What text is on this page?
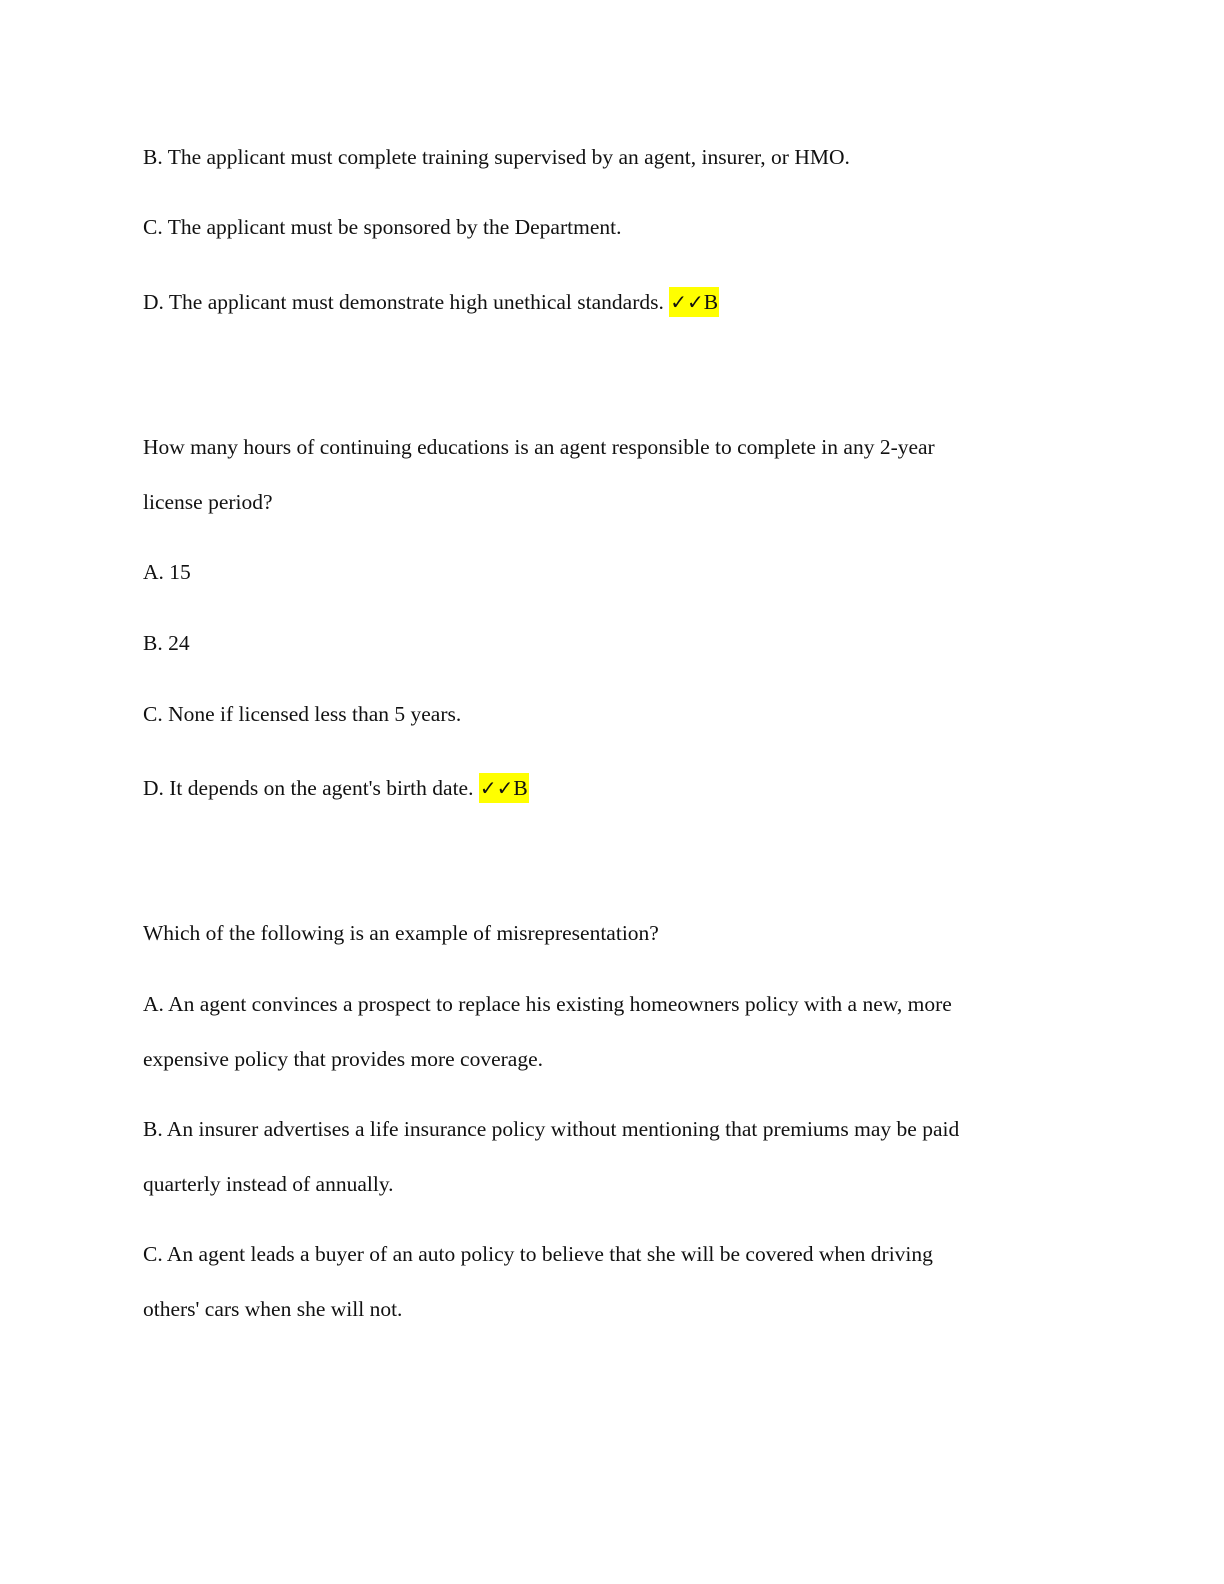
B. The applicant must complete training supervised by an agent, insurer, or HMO.

C. The applicant must be sponsored by the Department.

D. The applicant must demonstrate high unethical standards. ✓✓B

How many hours of continuing educations is an agent responsible to complete in any 2-year

license period?

A. 15

B. 24

C. None if licensed less than 5 years.

D. It depends on the agent's birth date. ✓✓B

Which of the following is an example of misrepresentation?

A. An agent convinces a prospect to replace his existing homeowners policy with a new, more

expensive policy that provides more coverage.

B. An insurer advertises a life insurance policy without mentioning that premiums may be paid

quarterly instead of annually.

C. An agent leads a buyer of an auto policy to believe that she will be covered when driving

others' cars when she will not.
